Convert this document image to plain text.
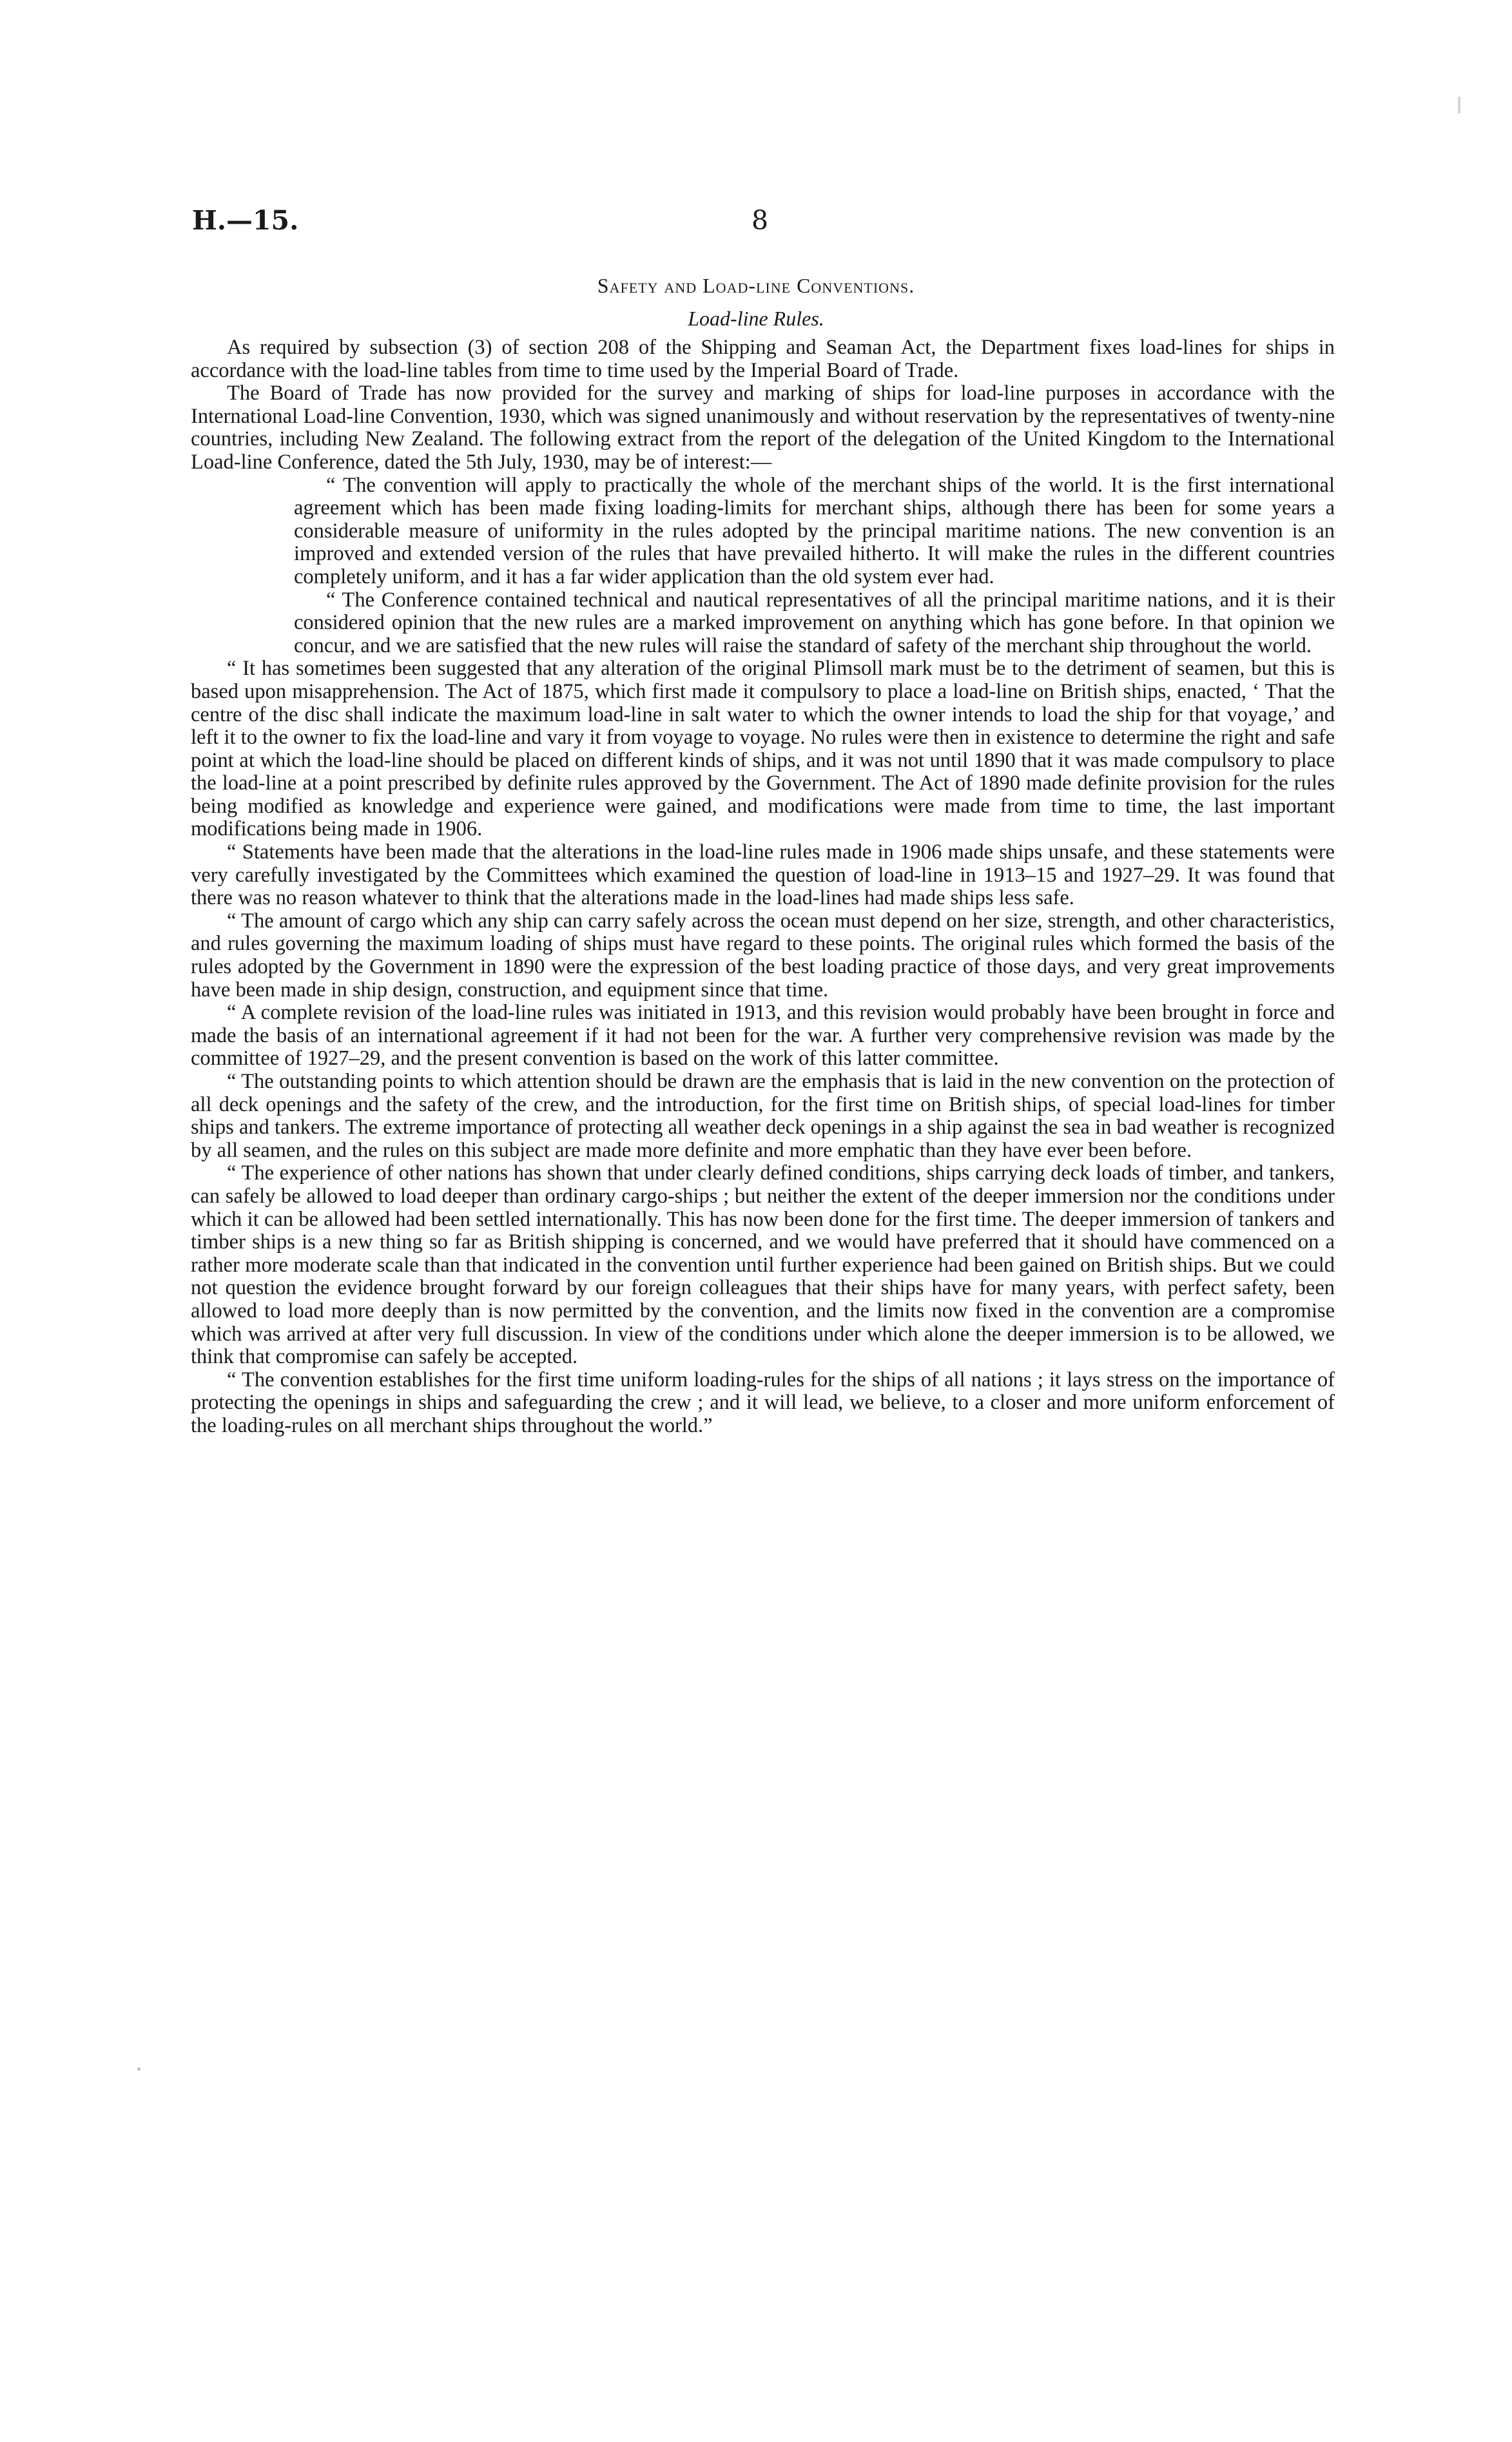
H.—15.	8
Safety and Load-line Conventions.
Load-line Rules.

As required by subsection (3) of section 208 of the Shipping and Seaman Act, the Department fixes load-lines for ships in accordance with the load-line tables from time to time used by the Imperial Board of Trade.

The Board of Trade has now provided for the survey and marking of ships for load-line purposes in accordance with the International Load-line Convention, 1930, which was signed unanimously and without reservation by the representatives of twenty-nine countries, including New Zealand. The following extract from the report of the delegation of the United Kingdom to the International Load-line Conference, dated the 5th July, 1930, may be of interest:—

“ The convention will apply to practically the whole of the merchant ships of the world. It is the first international agreement which has been made fixing loading-limits for merchant ships, although there has been for some years a considerable measure of uniformity in the rules adopted by the principal maritime nations. The new convention is an improved and extended version of the rules that have prevailed hitherto. It will make the rules in the different countries completely uniform, and it has a far wider application than the old system ever had.

“ The Conference contained technical and nautical representatives of all the principal maritime nations, and it is their considered opinion that the new rules are a marked improvement on anything which has gone before. In that opinion we concur, and we are satisfied that the new rules will raise the standard of safety of the merchant ship throughout the world.

“ It has sometimes been suggested that any alteration of the original Plimsoll mark must be to the detriment of seamen, but this is based upon misapprehension. The Act of 1875, which first made it compulsory to place a load-line on British ships, enacted, ‘ That the centre of the disc shall indicate the maximum load-line in salt water to which the owner intends to load the ship for that voyage,’ and left it to the owner to fix the load-line and vary it from voyage to voyage. No rules were then in existence to determine the right and safe point at which the load-line should be placed on different kinds of ships, and it was not until 1890 that it was made compulsory to place the load-line at a point prescribed by definite rules approved by the Government. The Act of 1890 made definite provision for the rules being modified as knowledge and experience were gained, and modifications were made from time to time, the last important modifications being made in 1906.

“ Statements have been made that the alterations in the load-line rules made in 1906 made ships unsafe, and these statements were very carefully investigated by the Committees which examined the question of load-line in 1913–15 and 1927–29. It was found that there was no reason whatever to think that the alterations made in the load-lines had made ships less safe.

“ The amount of cargo which any ship can carry safely across the ocean must depend on her size, strength, and other characteristics, and rules governing the maximum loading of ships must have regard to these points. The original rules which formed the basis of the rules adopted by the Government in 1890 were the expression of the best loading practice of those days, and very great improvements have been made in ship design, construction, and equipment since that time.

“ A complete revision of the load-line rules was initiated in 1913, and this revision would probably have been brought in force and made the basis of an international agreement if it had not been for the war. A further very comprehensive revision was made by the committee of 1927–29, and the present convention is based on the work of this latter committee.

“ The outstanding points to which attention should be drawn are the emphasis that is laid in the new convention on the protection of all deck openings and the safety of the crew, and the introduction, for the first time on British ships, of special load-lines for timber ships and tankers. The extreme importance of protecting all weather deck openings in a ship against the sea in bad weather is recognized by all seamen, and the rules on this subject are made more definite and more emphatic than they have ever been before.

“ The experience of other nations has shown that under clearly defined conditions, ships carrying deck loads of timber, and tankers, can safely be allowed to load deeper than ordinary cargo-ships ; but neither the extent of the deeper immersion nor the conditions under which it can be allowed had been settled internationally. This has now been done for the first time. The deeper immersion of tankers and timber ships is a new thing so far as British shipping is concerned, and we would have preferred that it should have commenced on a rather more moderate scale than that indicated in the convention until further experience had been gained on British ships. But we could not question the evidence brought forward by our foreign colleagues that their ships have for many years, with perfect safety, been allowed to load more deeply than is now permitted by the convention, and the limits now fixed in the convention are a compromise which was arrived at after very full discussion. In view of the conditions under which alone the deeper immersion is to be allowed, we think that compromise can safely be accepted.

“ The convention establishes for the first time uniform loading-rules for the ships of all nations ; it lays stress on the importance of protecting the openings in ships and safeguarding the crew ; and it will lead, we believe, to a closer and more uniform enforcement of the loading-rules on all merchant ships throughout the world.”
